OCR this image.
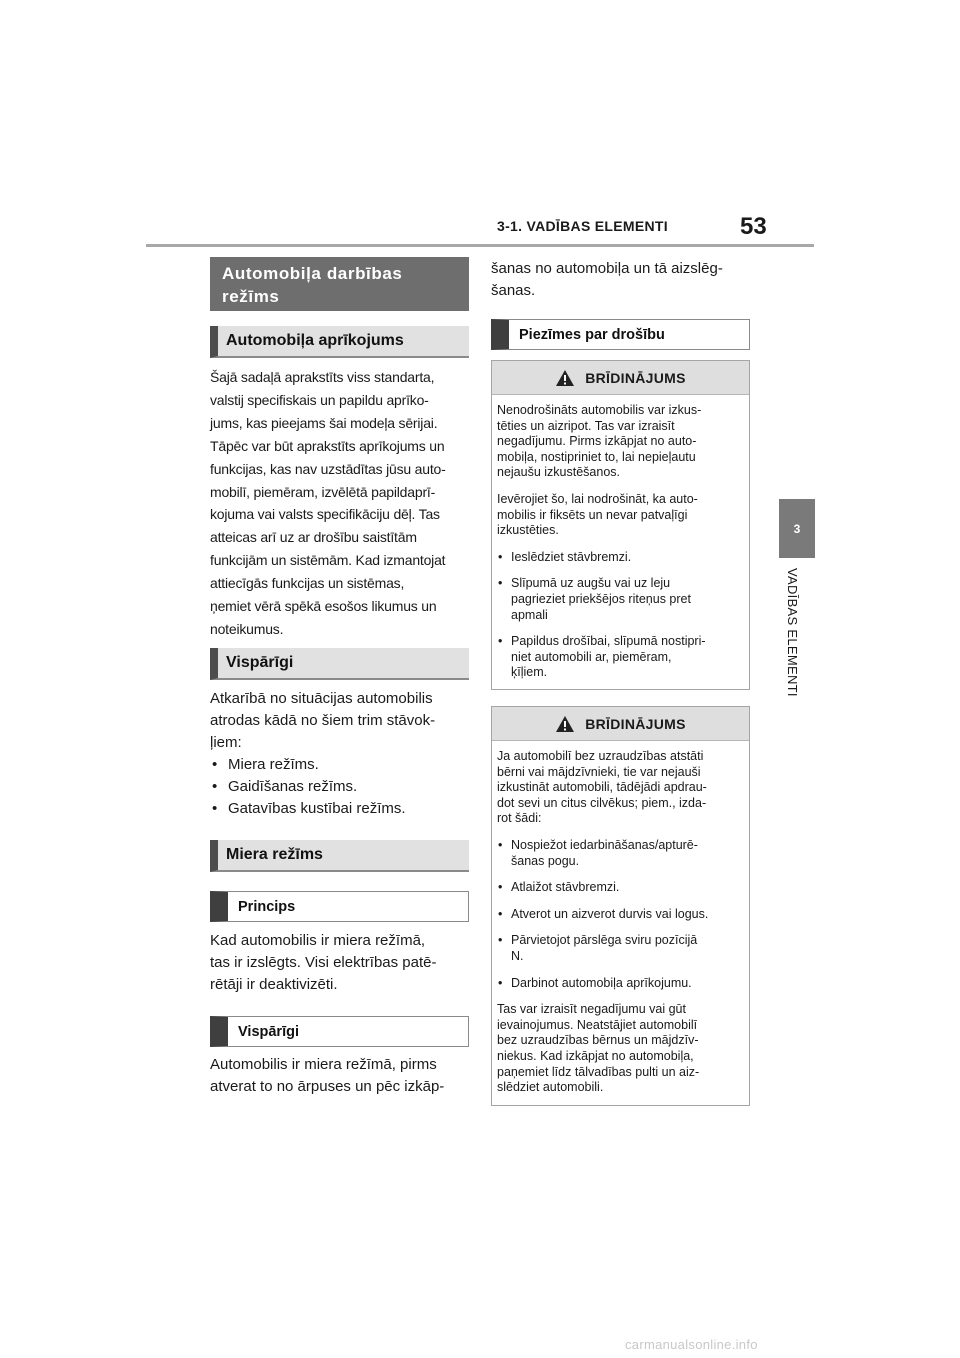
3-1. VADĪBAS ELEMENTI	53
3
VADĪBAS ELEMENTI
Automobiļa darbības režīms
Automobiļa aprīkojums
Šajā sadaļā aprakstīts viss standarta,
valstij specifiskais un papildu aprīko-
jums, kas pieejams šai modeļa sērijai.
Tāpēc var būt aprakstīts aprīkojums un
funkcijas, kas nav uzstādītas jūsu auto-
mobilī, piemēram, izvēlētā papildaprī-
kojuma vai valsts specifikāciju dēļ. Tas
atteicas arī uz ar drošību saistītām
funkcijām un sistēmām. Kad izmantojat
attiecīgās funkcijas un sistēmas,
ņemiet vērā spēkā esošos likumus un
noteikumus.
Vispārīgi
Atkarībā no situācijas automobilis
atrodas kādā no šiem trim stāvok-
ļiem:
• Miera režīms.
• Gaidīšanas režīms.
• Gatavības kustībai režīms.
Miera režīms
Princips
Kad automobilis ir miera režīmā,
tas ir izslēgts. Visi elektrības patē-
rētāji ir deaktivizēti.
Vispārīgi
Automobilis ir miera režīmā, pirms
atverat to no ārpuses un pēc izkāp-
šanas no automobiļa un tā aizslēg-
šanas.
Piezīmes par drošību
BRĪDINĀJUMS

Nenodrošināts automobilis var izkus-
tēties un aizripot. Tas var izraisīt
negadījumu. Pirms izkāpjat no auto-
mobiļa, nostipriniet to, lai nepieļautu
nejaušu izkustēšanos.

Ievērojiet šo, lai nodrošināt, ka auto-
mobilis ir fiksēts un nevar patvaļīgi
izkustēties.

• Ieslēdziet stāvbremzi.
• Slīpumā uz augšu vai uz leju
pagrieziet priekšējos riteņus pret
apmali
• Papildus drošībai, slīpumā nostipri-
niet automobili ar, piemēram,
ķīļiem.
BRĪDINĀJUMS

Ja automobilī bez uzraudzības atstāti
bērni vai mājdzīvnieki, tie var nejauši
izkustināt automobili, tādējādi apdrau-
dot sevi un citus cilvēkus; piem., izda-
rot šādi:

• Nospiežot iedarbināšanas/apturē-
šanas pogu.
• Atlaižot stāvbremzi.
• Atverot un aizverot durvis vai logus.
• Pārvietojot pārslēga sviru pozīcijā
N.
• Darbinot automobiļa aprīkojumu.

Tas var izraisīt negadījumu vai gūt
ievainojumus. Neatstājiet automobilī
bez uzraudzības bērnus un mājdzīv-
niekus. Kad izkāpjat no automobiļa,
paņemiet līdz tālvadības pulti un aiz-
slēdziet automobili.

carmanualsonline.info
